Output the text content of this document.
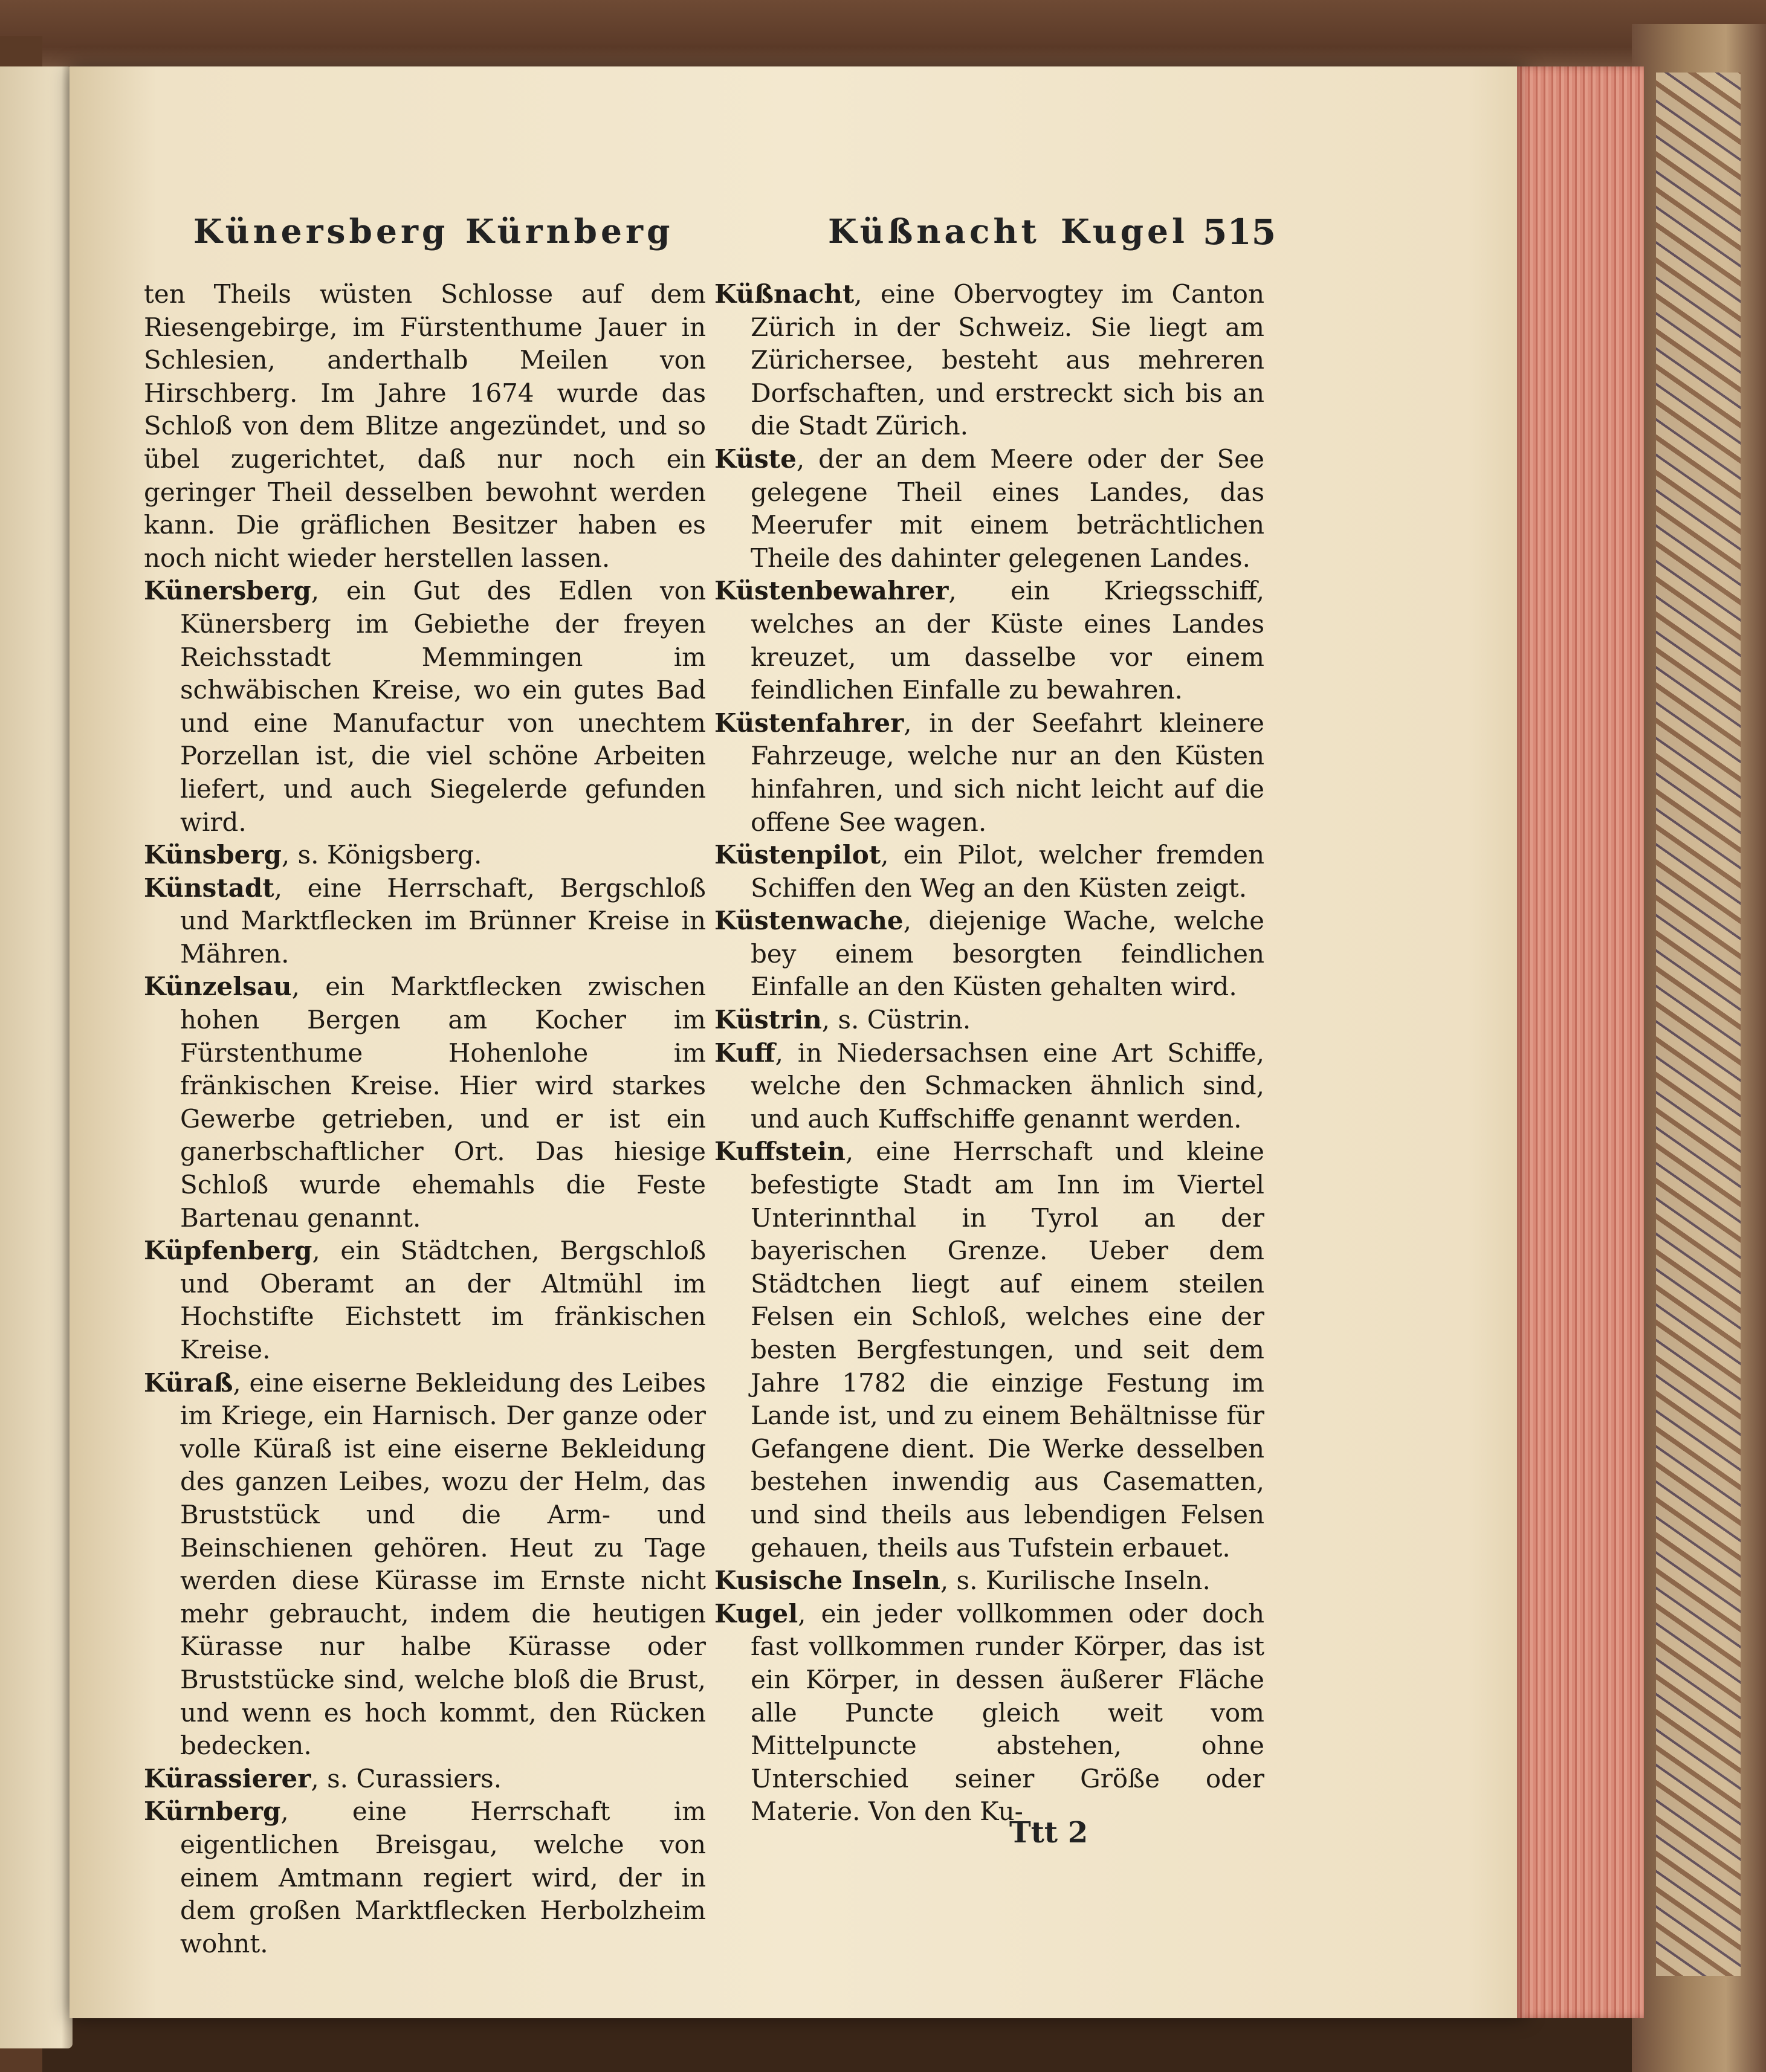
Künersberg Kürnberg	Küßnacht Kugel 515

ten Theils wüsten Schlosse auf dem Riesengebirge, im Fürstenthume Jauer in Schlesien, anderthalb Meilen von Hirschberg. Im Jahre 1674 wurde das Schloß von dem Blitze angezündet, und so übel zugerichtet, daß nur noch ein geringer Theil desselben bewohnt werden kann. Die gräflichen Besitzer haben es noch nicht wieder herstellen lassen.

Künersberg, ein Gut des Edlen von Künersberg im Gebiethe der freyen Reichsstadt Memmingen im schwäbischen Kreise, wo ein gutes Bad und eine Manufactur von unechtem Porzellan ist, die viel schöne Arbeiten liefert, und auch Siegelerde gefunden wird.

Künsberg, s. Königsberg.

Künstadt, eine Herrschaft, Bergschloß und Marktflecken im Brünner Kreise in Mähren.

Künzelsau, ein Marktflecken zwischen hohen Bergen am Kocher im Fürstenthume Hohenlohe im fränkischen Kreise. Hier wird starkes Gewerbe getrieben, und er ist ein ganerbschaftlicher Ort. Das hiesige Schloß wurde ehemahls die Feste Bartenau genannt.

Küpfenberg, ein Städtchen, Bergschloß und Oberamt an der Altmühl im Hochstifte Eichstett im fränkischen Kreise.

Küraß, eine eiserne Bekleidung des Leibes im Kriege, ein Harnisch. Der ganze oder volle Küraß ist eine eiserne Bekleidung des ganzen Leibes, wozu der Helm, das Bruststück und die Arm- und Beinschienen gehören. Heut zu Tage werden diese Kürasse im Ernste nicht mehr gebraucht, indem die heutigen Kürasse nur halbe Kürasse oder Bruststücke sind, welche bloß die Brust, und wenn es hoch kommt, den Rücken bedecken.

Kürassierer, s. Curassiers.

Kürnberg, eine Herrschaft im eigentlichen Breisgau, welche von einem Amtmann regiert wird, der in dem großen Marktflecken Herbolzheim wohnt.

Küßnacht, eine Obervogtey im Canton Zürich in der Schweiz. Sie liegt am Zürichersee, besteht aus mehreren Dorfschaften, und erstreckt sich bis an die Stadt Zürich.

Küste, der an dem Meere oder der See gelegene Theil eines Landes, das Meerufer mit einem beträchtlichen Theile des dahinter gelegenen Landes.

Küstenbewahrer, ein Kriegsschiff, welches an der Küste eines Landes kreuzet, um dasselbe vor einem feindlichen Einfalle zu bewahren.

Küstenfahrer, in der Seefahrt kleinere Fahrzeuge, welche nur an den Küsten hinfahren, und sich nicht leicht auf die offene See wagen.

Küstenpilot, ein Pilot, welcher fremden Schiffen den Weg an den Küsten zeigt.

Küstenwache, diejenige Wache, welche bey einem besorgten feindlichen Einfalle an den Küsten gehalten wird.

Küstrin, s. Cüstrin.

Kuff, in Niedersachsen eine Art Schiffe, welche den Schmacken ähnlich sind, und auch Kuffschiffe genannt werden.

Kuffstein, eine Herrschaft und kleine befestigte Stadt am Inn im Viertel Unterinnthal in Tyrol an der bayerischen Grenze. Ueber dem Städtchen liegt auf einem steilen Felsen ein Schloß, welches eine der besten Bergfestungen, und seit dem Jahre 1782 die einzige Festung im Lande ist, und zu einem Behältnisse für Gefangene dient. Die Werke desselben bestehen inwendig aus Casematten, und sind theils aus lebendigen Felsen gehauen, theils aus Tufstein erbauet.

Kusische Inseln, s. Kurilische Inseln.

Kugel, ein jeder vollkommen oder doch fast vollkommen runder Körper, das ist ein Körper, in dessen äußerer Fläche alle Puncte gleich weit vom Mittelpuncte abstehen, ohne Unterschied seiner Größe oder Materie. Von den Ku-

Ttt 2
